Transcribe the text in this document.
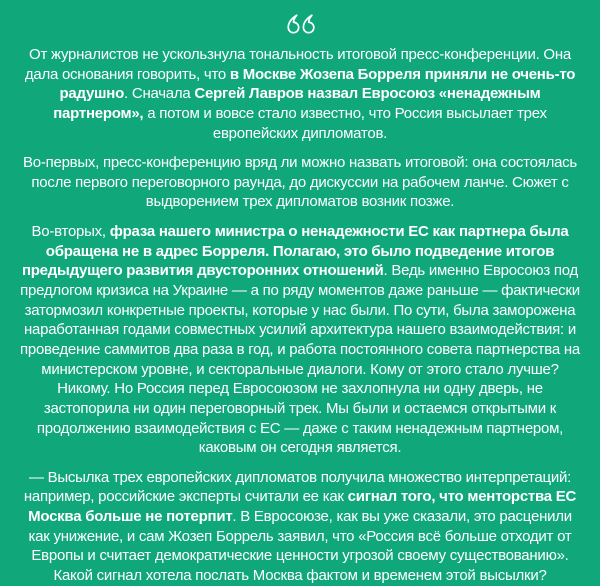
От журналистов не ускользнула тональность итоговой пресс-конференции. Она дала основания говорить, что в Москве Жозепа Борреля приняли не очень-то радушно. Сначала Сергей Лавров назвал Евросоюз «ненадежным партнером», а потом и вовсе стало известно, что Россия высылает трех европейских дипломатов.

Во-первых, пресс-конференцию вряд ли можно назвать итоговой: она состоялась после первого переговорного раунда, до дискуссии на рабочем ланче. Сюжет с выдворением трех дипломатов возник позже.

Во-вторых, фраза нашего министра о ненадежности ЕС как партнера была обращена не в адрес Борреля. Полагаю, это было подведение итогов предыдущего развития двусторонних отношений. Ведь именно Евросоюз под предлогом кризиса на Украине — а по ряду моментов даже раньше — фактически затормозил конкретные проекты, которые у нас были. По сути, была заморожена наработанная годами совместных усилий архитектура нашего взаимодействия: и проведение саммитов два раза в год, и работа постоянного совета партнерства на министерском уровне, и секторальные диалоги. Кому от этого стало лучше? Никому. Но Россия перед Евросоюзом не захлопнула ни одну дверь, не застопорила ни один переговорный трек. Мы были и остаемся открытыми к продолжению взаимодействия с ЕС — даже с таким ненадежным партнером, каковым он сегодня является.

— Высылка трех европейских дипломатов получила множество интерпретаций: например, российские эксперты считали ее как сигнал того, что менторства ЕС Москва больше не потерпит. В Евросоюзе, как вы уже сказали, это расценили как унижение, и сам Жозеп Боррель заявил, что «Россия всё больше отходит от Европы и считает демократические ценности угрозой своему существованию». Какой сигнал хотела послать Москва фактом и временем этой высылки?
